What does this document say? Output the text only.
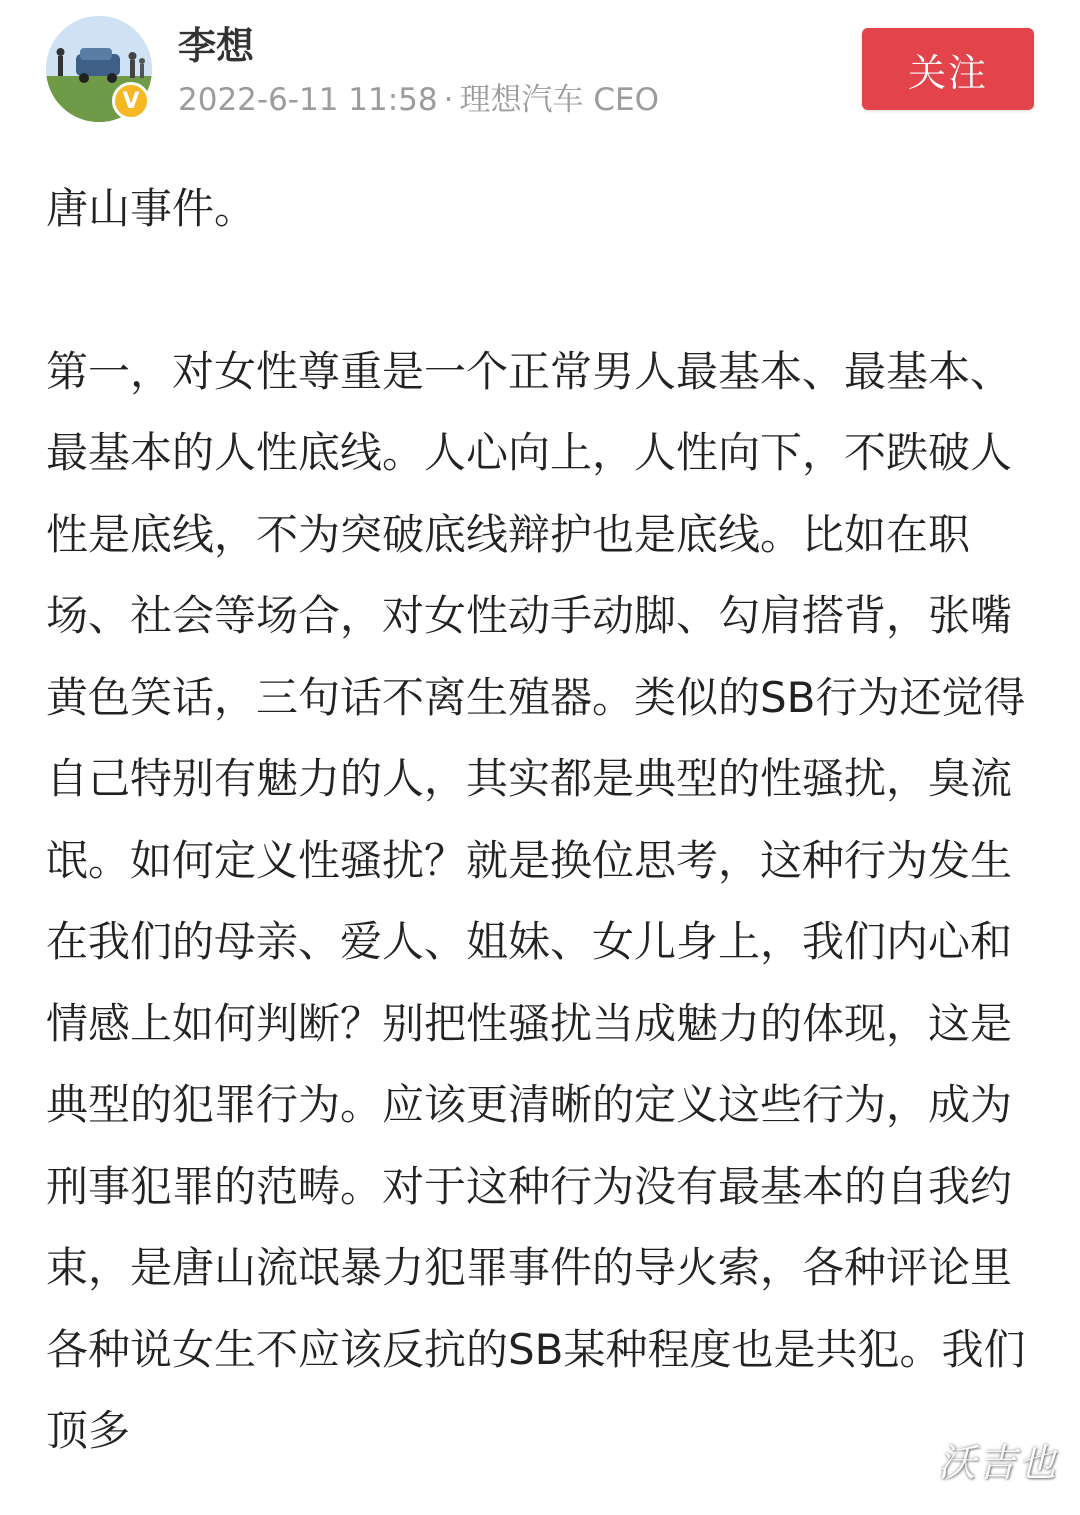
V
李想
2022-6-11 11:58 · 理想汽车 CEO
关注

唐山事件。

第一，对女性尊重是一个正常男人最基本、最基本、最基本的人性底线。人心向上，人性向下，不跌破人性是底线，不为突破底线辩护也是底线。比如在职场、社会等场合，对女性动手动脚、勾肩搭背，张嘴黄色笑话，三句话不离生殖器。类似的SB行为还觉得自己特别有魅力的人，其实都是典型的性骚扰，臭流氓。如何定义性骚扰？就是换位思考，这种行为发生在我们的母亲、爱人、姐妹、女儿身上，我们内心和情感上如何判断？别把性骚扰当成魅力的体现，这是典型的犯罪行为。应该更清晰的定义这些行为，成为刑事犯罪的范畴。对于这种行为没有最基本的自我约束，是唐山流氓暴力犯罪事件的导火索，各种评论里各种说女生不应该反抗的SB某种程度也是共犯。我们顶多

沃吉也
